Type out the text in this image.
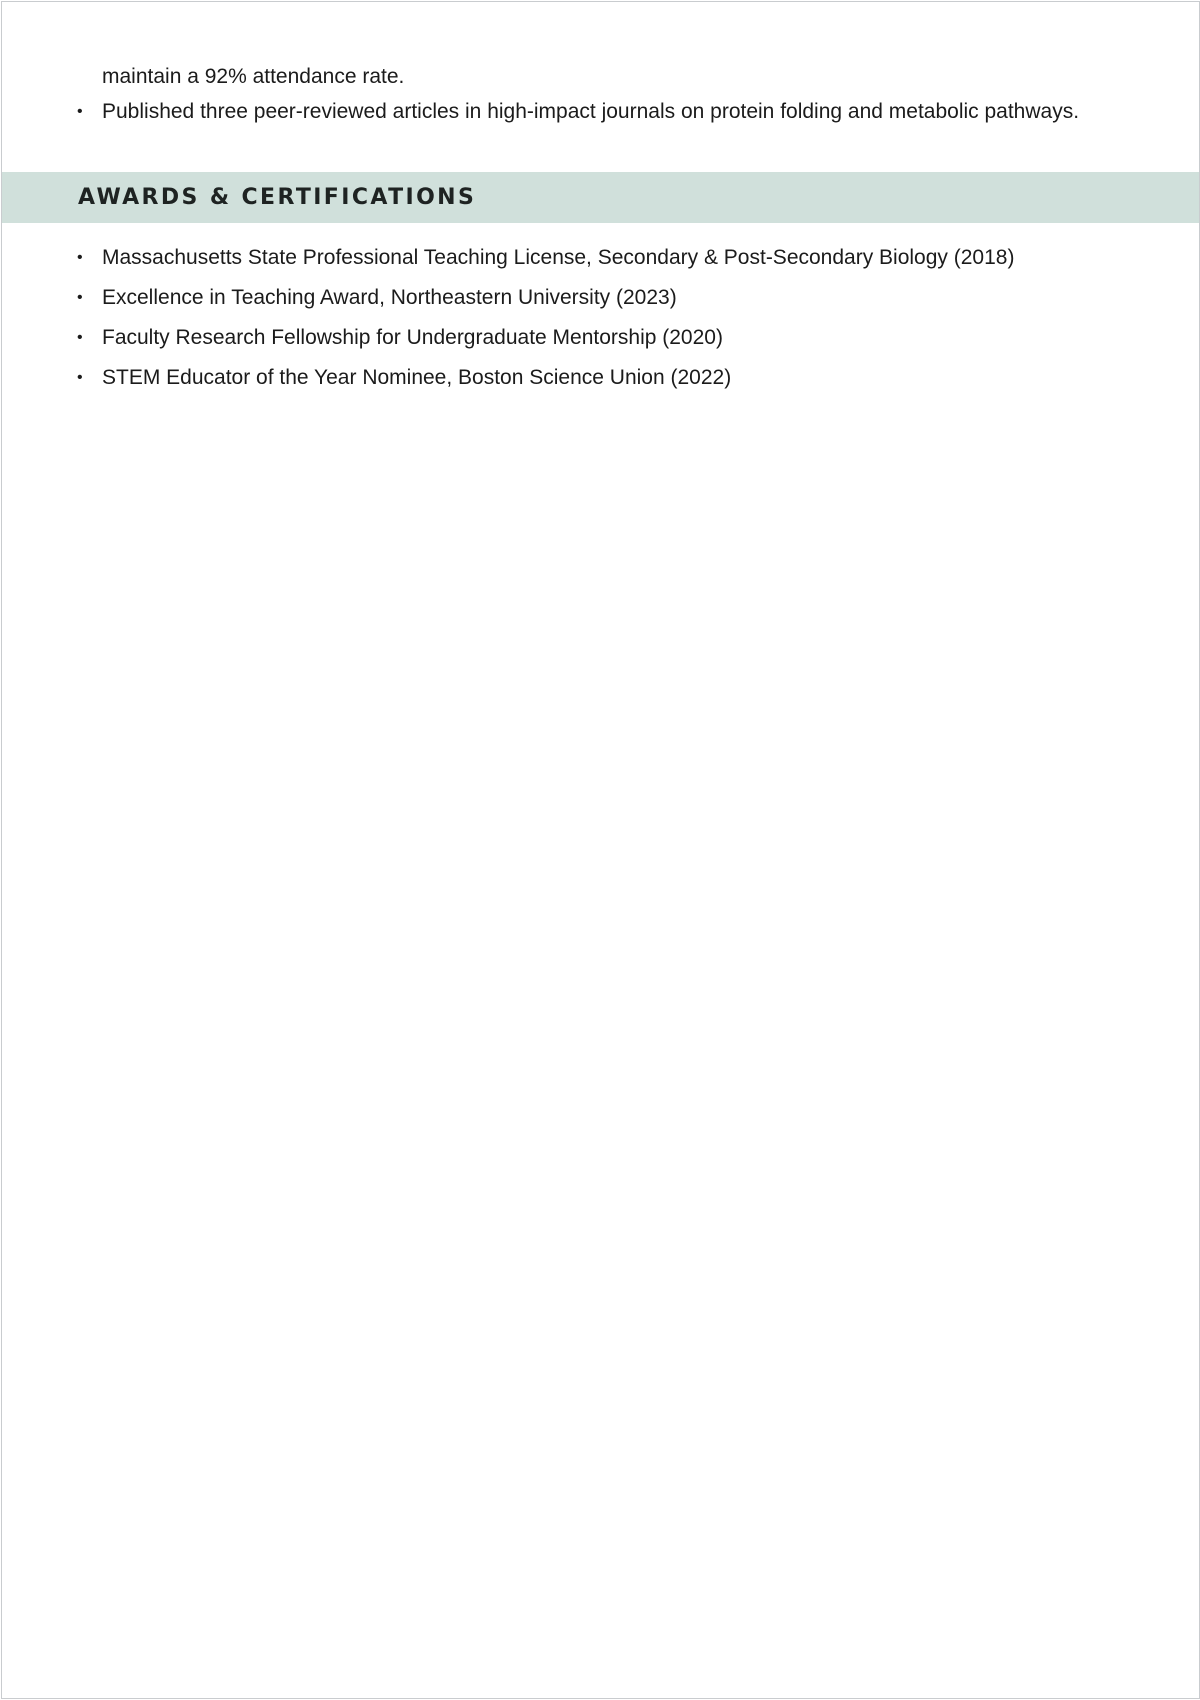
maintain a 92% attendance rate.
• Published three peer-reviewed articles in high-impact journals on protein folding and metabolic pathways.
AWARDS & CERTIFICATIONS
• Massachusetts State Professional Teaching License, Secondary & Post-Secondary Biology (2018)
• Excellence in Teaching Award, Northeastern University (2023)
• Faculty Research Fellowship for Undergraduate Mentorship (2020)
• STEM Educator of the Year Nominee, Boston Science Union (2022)
